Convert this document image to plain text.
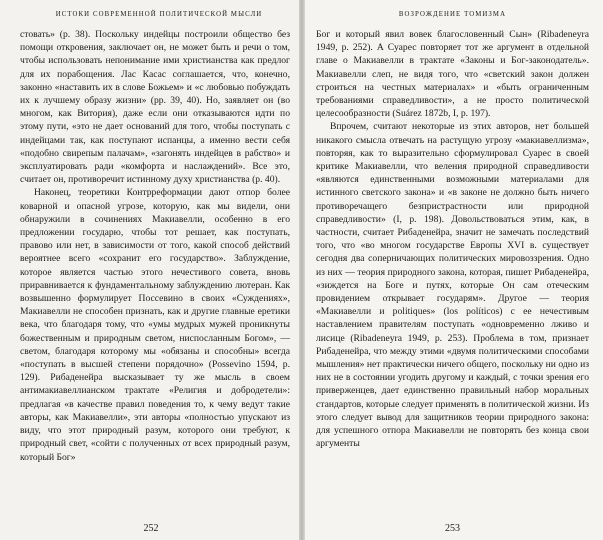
ИСТОКИ СОВРЕМЕННОЙ ПОЛИТИЧЕСКОЙ МЫСЛИ

стовать» (p. 38). Поскольку индейцы построили общество без помощи откровения, заключает он, не может быть и речи о том, чтобы использовать непонимание ими христианства как предлог для их порабощения. Лас Касас соглашается, что, конечно, законно «наставить их в слове Божьем» и «с любовью побуждать их к лучшему образу жизни» (pp. 39, 40). Но, заявляет он (во многом, как Витория), даже если они отказываются идти по этому пути, «это не дает оснований для того, чтобы поступать с индейцами так, как поступают испанцы, а именно вести себя «подобно свирепым палачам», «загонять индейцев в рабство» и эксплуатировать ради «комфорта и наслаждений». Все это, считает он, противоречит истинному духу христианства (p. 40).

Наконец, теоретики Контрреформации дают отпор более коварной и опасной угрозе, которую, как мы видели, они обнаружили в сочинениях Макиавелли, особенно в его предложении государю, чтобы тот решает, как поступать, правово или нет, в зависимости от того, какой способ действий вероятнее всего «сохранит его государство». Заблуждение, которое является частью этого нечестивого совета, вновь приравнивается к фундаментальному заблуждению лютеран. Как возвышенно формулирует Поссевино в своих «Суждениях», Макиавелли не способен признать, как и другие главные еретики века, что благодаря тому, что «умы мудрых мужей проникнуты божественным и природным светом, ниспосланным Богом», — светом, благодаря которому мы «обязаны и способны» всегда «поступать в высшей степени порядочно» (Possevino 1594, p. 129). Рибаденейра высказывает ту же мысль в своем антимакиавеллианском трактате «Религия и добродетели»: предлагая «в качестве правил поведения то, к чему ведут такие авторы, как Макиавелли», эти авторы «полностью упускают из виду, что этот природный разум, которого они требуют, к природный свет, «сойти с полученных от всех природный разум, который Бог»

252
ВОЗРОЖДЕНИЕ ТОМИЗМА

Бог и который явил вовек благословенный Сын» (Ribadeneyra 1949, p. 252). А Суарес повторяет тот же аргумент в отдельной главе о Макиавелли в трактате «Законы и Бог-законодатель». Макиавелли слеп, не видя того, что «светский закон должен строиться на честных материалах» и «быть ограниченным требованиями справедливости», а не просто политической целесообразности (Suárez 1872b, I, p. 197).

Впрочем, считают некоторые из этих авторов, нет большей никакого смысла отвечать на растущую угрозу «макиавеллизма», повторяя, как то выразительно сформулировал Суарес в своей критике Макиавелли, что веления природной справедливости «являются единственными возможными материалами для истинного светского закона» и «в законе не должно быть ничего противоречащего безпристрастности или природной справедливости» (I, p. 198). Довольствоваться этим, как, в частности, считает Рибаденейра, значит не замечать последствий того, что «во многом государстве Европы XVI в. существует сегодня два соперничающих политических мировоззрения. Одно из них — теория природного закона, которая, пишет Рибаденейра, «зиждется на Боге и путях, которые Он сам отеческим провидением открывает государям». Другое — теория «Макиавелли и politiques» (los políticos) с ее нечестивым наставлением правителям поступать «одновременно лживо и лисице (Ribadeneyra 1949, p. 253). Проблема в том, признает Рибаденейра, что между этими «двумя политическими способами мышления» нет практически ничего общего, поскольку ни одно из них не в состоянии угодить другому и каждый, с точки зрения его приверженцев, дает единственно правильный набор моральных стандартов, которые следует применять в политической жизни. Из этого следует вывод для защитников теории природного закона: для успешного отпора Макиавелли не повторять без конца свои аргументы

253
